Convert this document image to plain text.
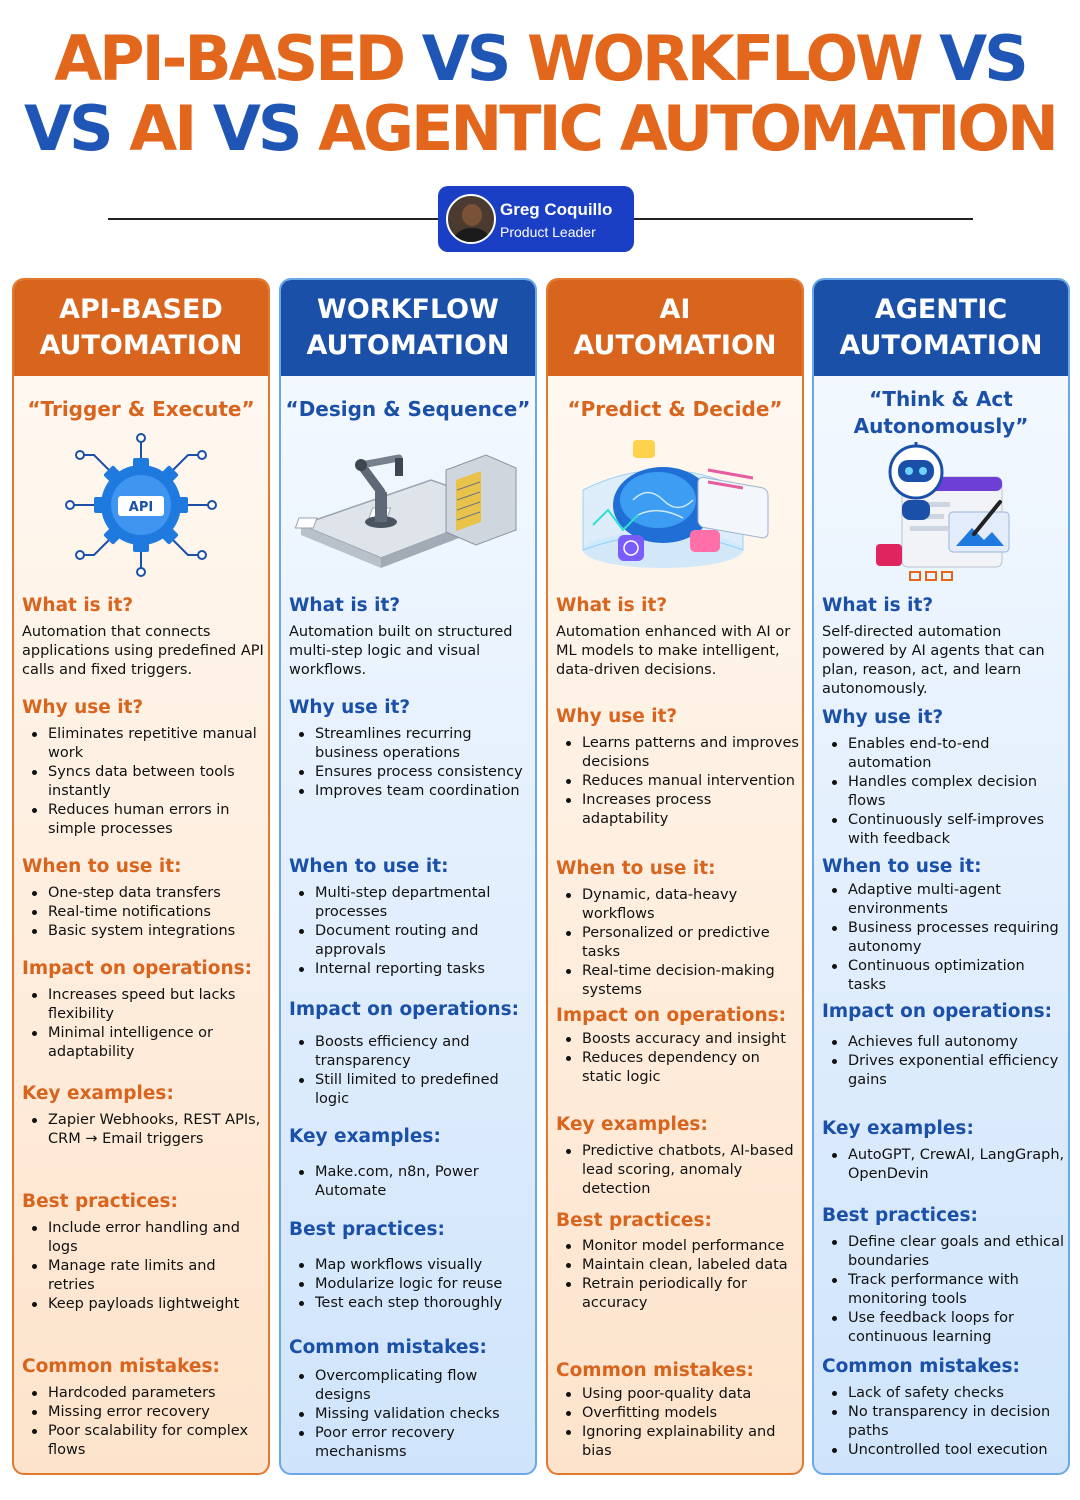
API-BASED VS WORKFLOW VS
VS AI VS AGENTIC AUTOMATION
Greg Coquillo
Product Leader
API-BASED
AUTOMATION
“Trigger & Execute”
API
What is it?
Automation that connects applications using predefined API calls and fixed triggers.
Why use it?
Eliminates repetitive manual work
Syncs data between tools instantly
Reduces human errors in simple processes
When to use it:
One-step data transfers
Real-time notifications
Basic system integrations
Impact on operations:
Increases speed but lacks flexibility
Minimal intelligence or adaptability
Key examples:
Zapier Webhooks, REST APIs, CRM → Email triggers
Best practices:
Include error handling and logs
Manage rate limits and retries
Keep payloads lightweight
Common mistakes:
Hardcoded parameters
Missing error recovery
Poor scalability for complex flows
WORKFLOW
AUTOMATION
“Design & Sequence”
What is it?
Automation built on structured multi-step logic and visual workflows.
Why use it?
Streamlines recurring business operations
Ensures process consistency
Improves team coordination
When to use it:
Multi-step departmental processes
Document routing and approvals
Internal reporting tasks
Impact on operations:
Boosts efficiency and transparency
Still limited to predefined logic
Key examples:
Make.com, n8n, Power Automate
Best practices:
Map workflows visually
Modularize logic for reuse
Test each step thoroughly
Common mistakes:
Overcomplicating flow designs
Missing validation checks
Poor error recovery mechanisms
AI
AUTOMATION
“Predict & Decide”
What is it?
Automation enhanced with AI or ML models to make intelligent, data-driven decisions.
Why use it?
Learns patterns and improves decisions
Reduces manual intervention
Increases process adaptability
When to use it:
Dynamic, data-heavy workflows
Personalized or predictive tasks
Real-time decision-making systems
Impact on operations:
Boosts accuracy and insight
Reduces dependency on static logic
Key examples:
Predictive chatbots, AI-based lead scoring, anomaly detection
Best practices:
Monitor model performance
Maintain clean, labeled data
Retrain periodically for accuracy
Common mistakes:
Using poor-quality data
Overfitting models
Ignoring explainability and bias
AGENTIC
AUTOMATION
“Think & Act Autonomously”
What is it?
Self-directed automation powered by AI agents that can plan, reason, act, and learn autonomously.
Why use it?
Enables end-to-end automation
Handles complex decision flows
Continuously self-improves with feedback
When to use it:
Adaptive multi-agent environments
Business processes requiring autonomy
Continuous optimization tasks
Impact on operations:
Achieves full autonomy
Drives exponential efficiency gains
Key examples:
AutoGPT, CrewAI, LangGraph, OpenDevin
Best practices:
Define clear goals and ethical boundaries
Track performance with monitoring tools
Use feedback loops for continuous learning
Common mistakes:
Lack of safety checks
No transparency in decision paths
Uncontrolled tool execution
